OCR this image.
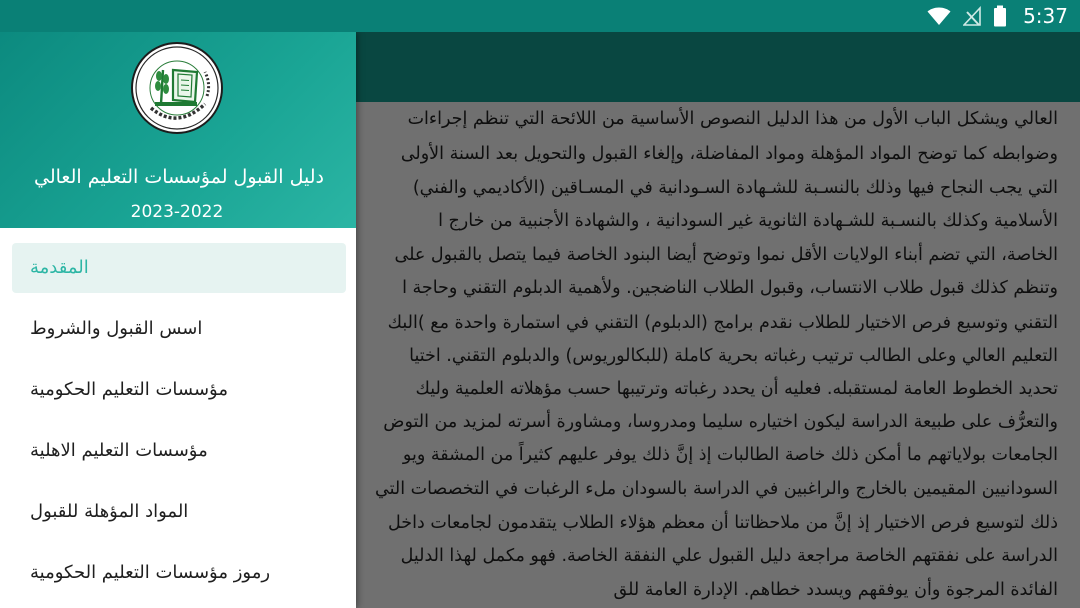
5:37
دليل القبول لمؤسسات التعليم العالي
2023-2022
المقدمة
اسس القبول والشروط
مؤسسات التعليم الحكومية
مؤسسات التعليم الاهلية
المواد المؤهلة للقبول
رموز مؤسسات التعليم الحكومية
